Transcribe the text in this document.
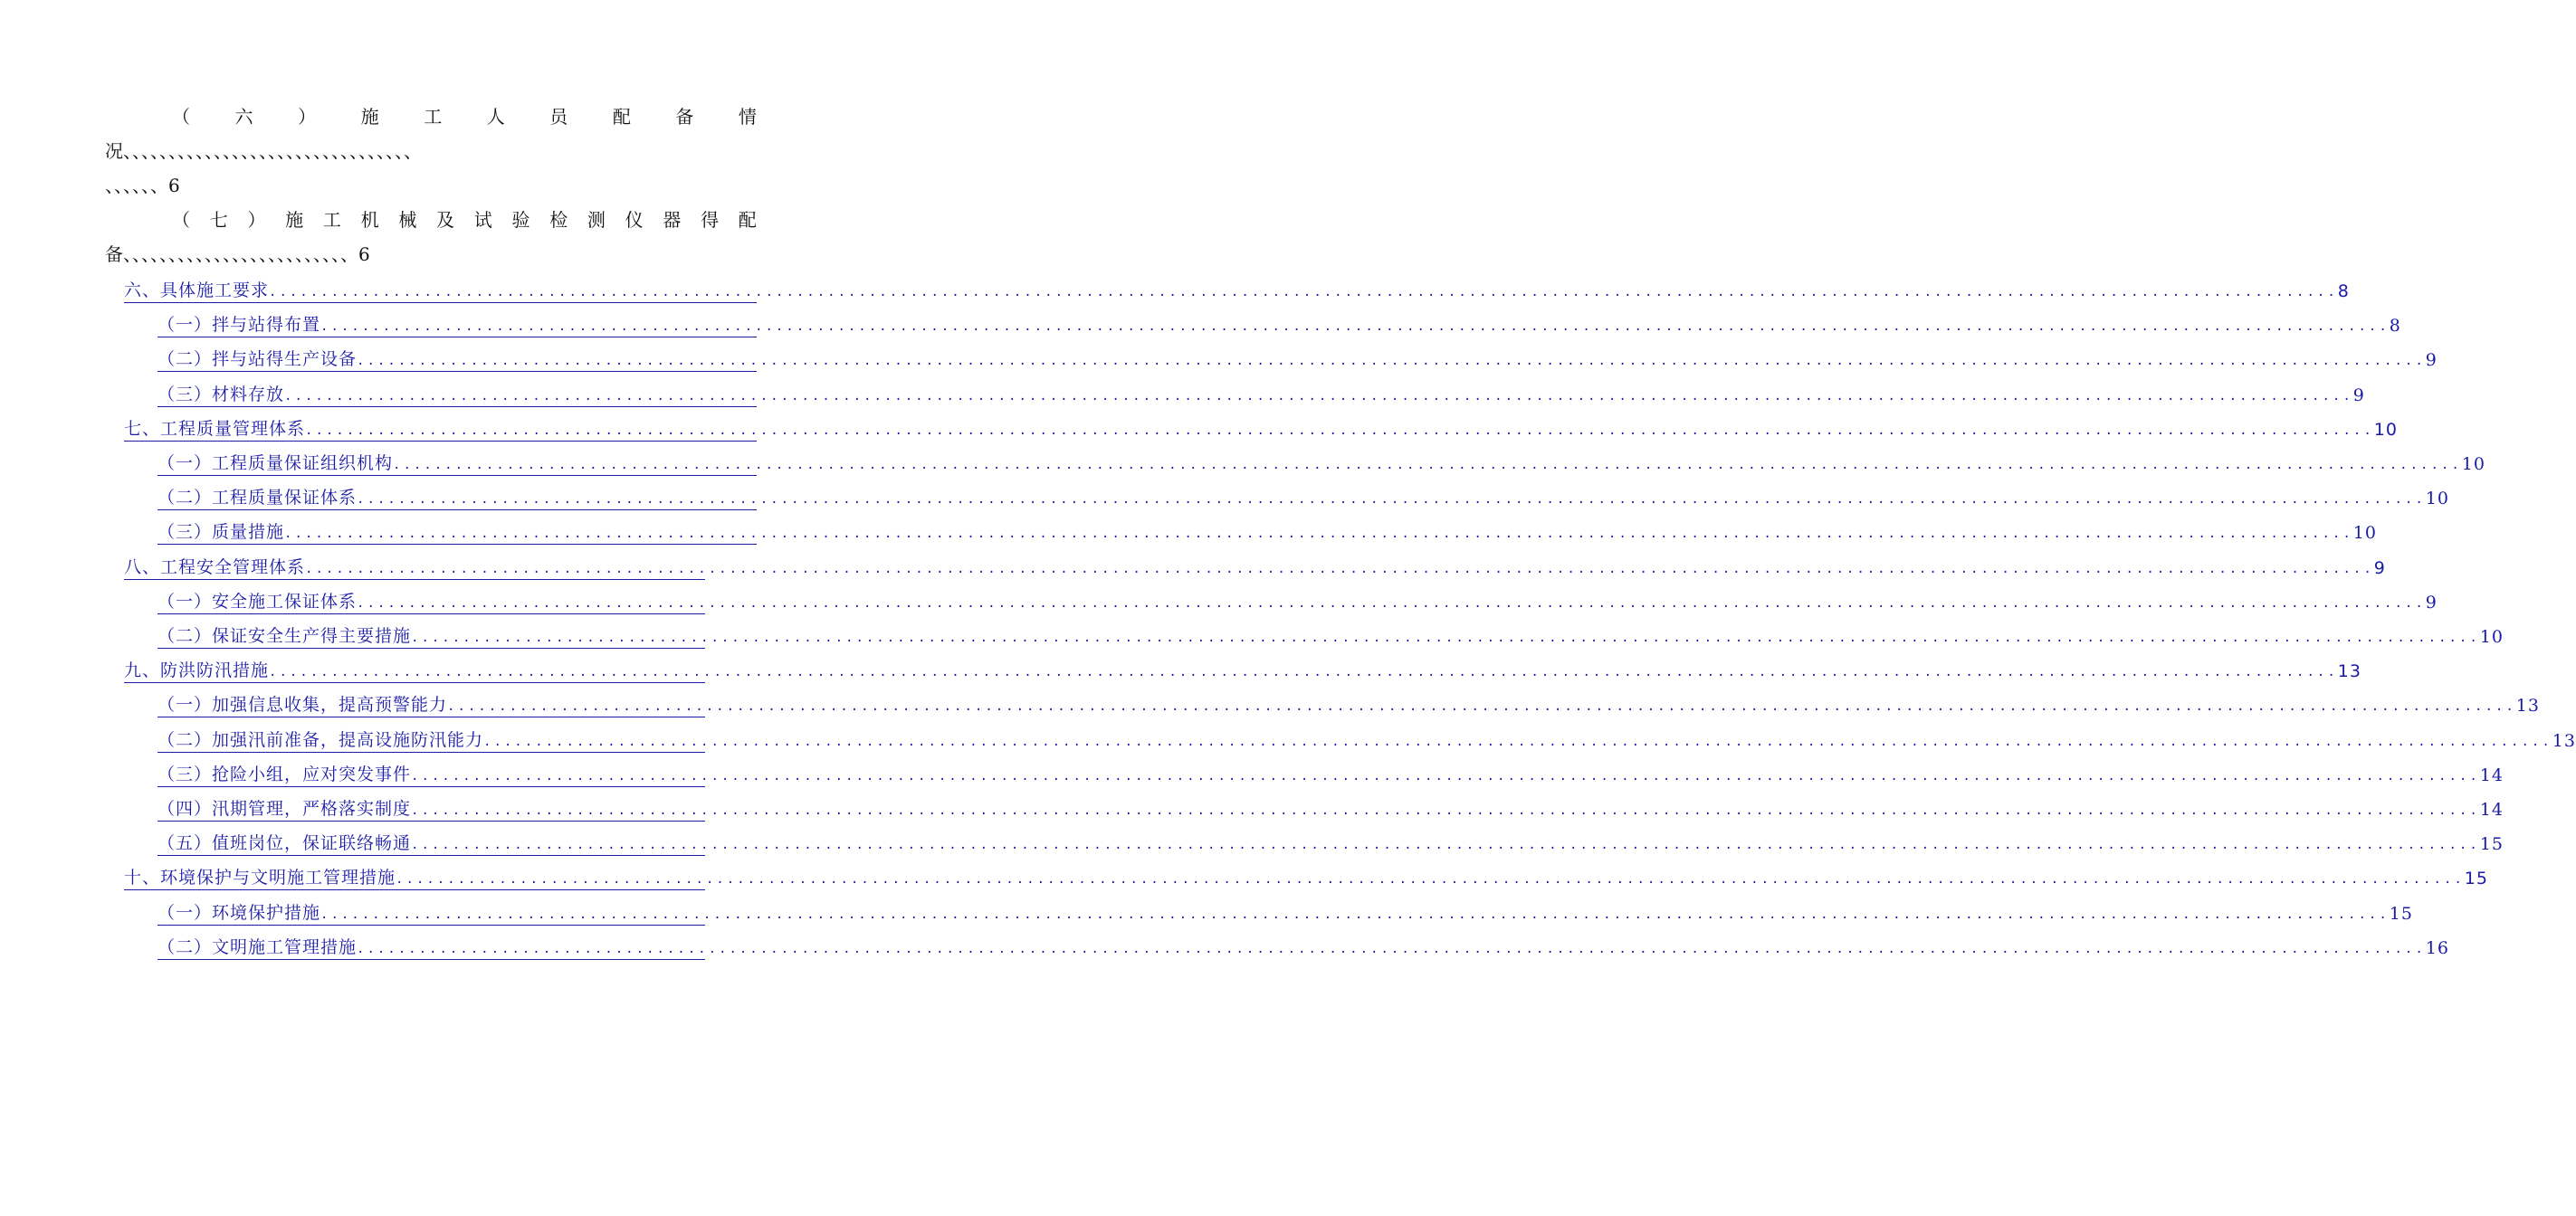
（ 六 ） 施 工 人 员 配 备 情
况、、、、、、、、、、、、、、、、、、、、、、、、、、、、、、、、
、、、、、、6
（ 七 ） 施 工 机 械 及 试 验 检 测 仪 器 得 配
备、、、、、、、、、、、、、、、、、、、、、、、、、6
六、具体施工要求 ........................................................................................................................................................................................................ 8
（一）拌与站得布置 ........................................................................................................................................................................................................ 8
（二）拌与站得生产设备 ........................................................................................................................................................................................................ 9
（三）材料存放 ........................................................................................................................................................................................................ 9
七、工程质量管理体系 ........................................................................................................................................................................................................ 10
（一）工程质量保证组织机构 ........................................................................................................................................................................................................ 10
（二）工程质量保证体系 ........................................................................................................................................................................................................ 10
（三）质量措施 ........................................................................................................................................................................................................ 10
八、工程安全管理体系 ........................................................................................................................................................................................................ 9
（一）安全施工保证体系 ........................................................................................................................................................................................................ 9
（二）保证安全生产得主要措施 ........................................................................................................................................................................................................ 10
九、防洪防汛措施 ........................................................................................................................................................................................................ 13
（一）加强信息收集，提高预警能力 ........................................................................................................................................................................................................ 13
（二）加强汛前准备，提高设施防汛能力 ........................................................................................................................................................................................................ 13
（三）抢险小组，应对突发事件 ........................................................................................................................................................................................................ 14
（四）汛期管理，严格落实制度 ........................................................................................................................................................................................................ 14
（五）值班岗位，保证联络畅通 ........................................................................................................................................................................................................ 15
十、环境保护与文明施工管理措施 ........................................................................................................................................................................................................ 15
（一）环境保护措施 ........................................................................................................................................................................................................ 15
（二）文明施工管理措施 ........................................................................................................................................................................................................ 16
